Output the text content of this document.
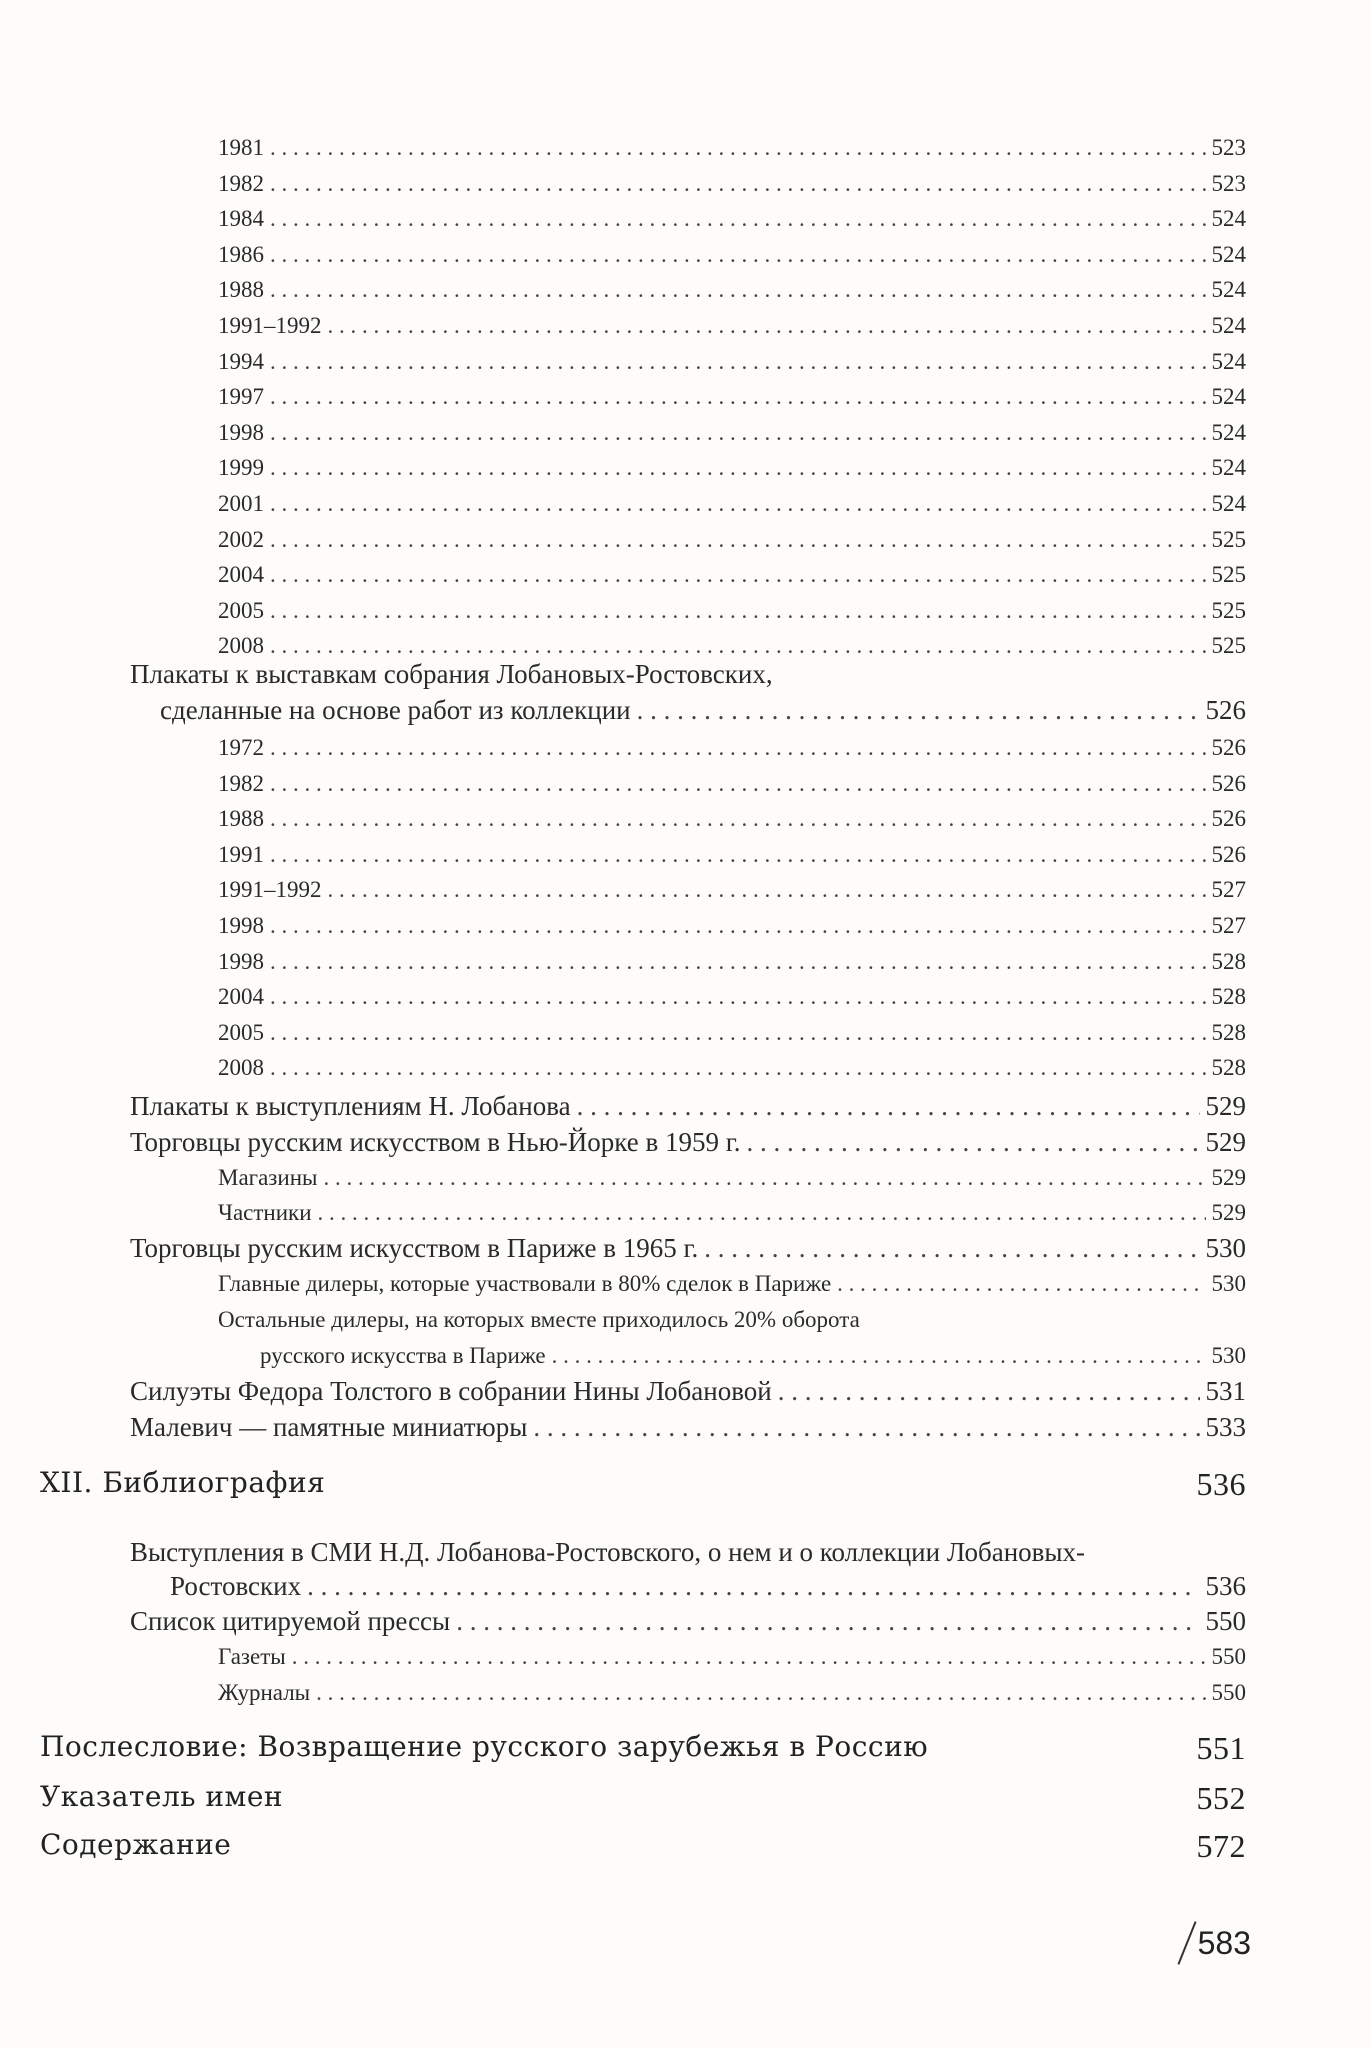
1981 . . .	523
1982 . . .	523
1984 . . .	524
1986 . . .	524
1988 . . .	524
1991–1992 . . .	524
1994 . . .	524
1997 . . .	524
1998 . . .	524
1999 . . .	524
2001 . . .	524
2002 . . .	525
2004 . . .	525
2005 . . .	525
2008 . . .	525
Плакаты к выставкам собрания Лобановых-Ростовских,
сделанные на основе работ из коллекции . . .	526
1972 . . .	526
1982 . . .	526
1988 . . .	526
1991 . . .	526
1991–1992 . . .	527
1998 . . .	527
1998 . . .	528
2004 . . .	528
2005 . . .	528
2008 . . .	528
Плакаты к выступлениям Н. Лобанова . . .	529
Торговцы русским искусством в Нью-Йорке в 1959 г. . . .	529
Магазины . . .	529
Частники . . .	529
Торговцы русским искусством в Париже в 1965 г. . . .	530
Главные дилеры, которые участвовали в 80% сделок в Париже . . .	530
Остальные дилеры, на которых вместе приходилось 20% оборота
русского искусства в Париже . . .	530
Силуэты Федора Толстого в собрании Нины Лобановой . . .	531
Малевич — памятные миниатюры . . .	533
XII. Библиография	536
Выступления в СМИ Н.Д. Лобанова-Ростовского, о нем и о коллекции Лобановых-
Ростовских . . .	536
Список цитируемой прессы . . .	550
Газеты . . .	550
Журналы . . .	550
Послесловие: Возвращение русского зарубежья в Россию	551
Указатель имен	552
Содержание	572
583
